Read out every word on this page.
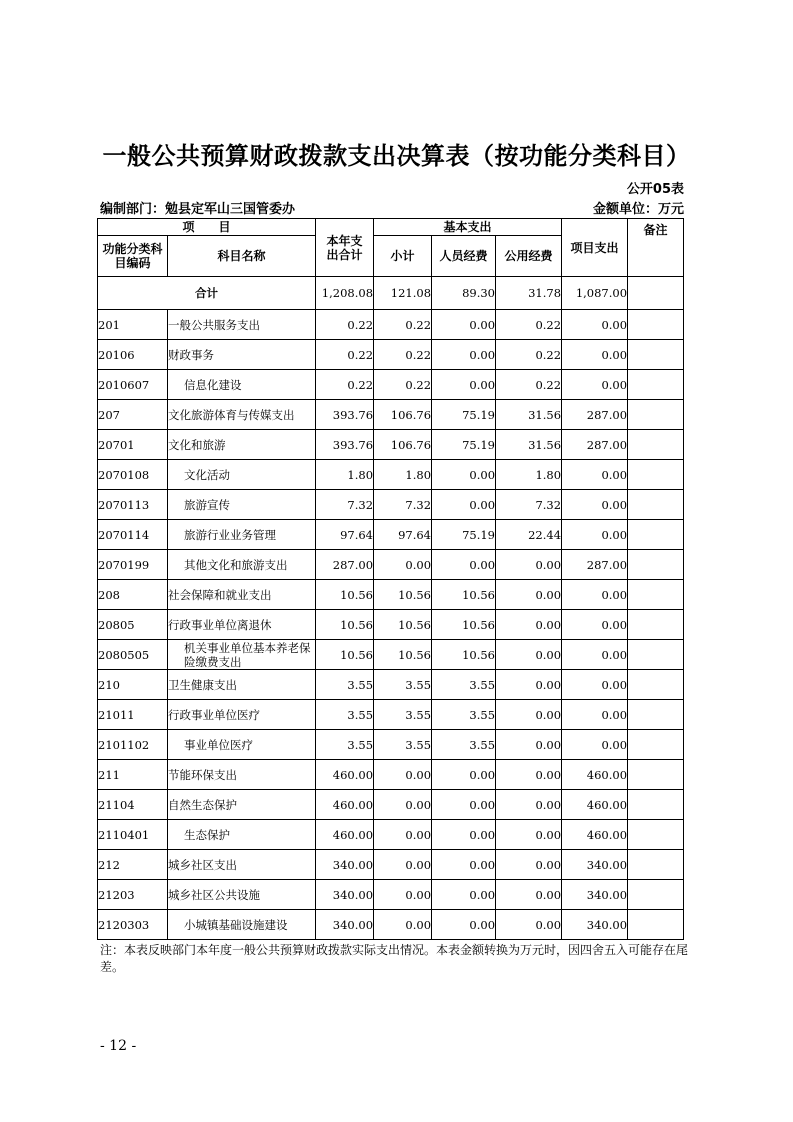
一般公共预算财政拨款支出决算表（按功能分类科目）
公开05表
编制部门：勉县定军山三国管委办	金额单位：万元
项　　目		本年支出合计	基本支出			项目支出	备注
功能分类科目编码	科目名称		小计	人员经费	公用经费		
合计		1,208.08	121.08	89.30	31.78	1,087.00	
201	一般公共服务支出	0.22	0.22	0.00	0.22	0.00	
20106	财政事务	0.22	0.22	0.00	0.22	0.00	
2010607	信息化建设	0.22	0.22	0.00	0.22	0.00	
207	文化旅游体育与传媒支出	393.76	106.76	75.19	31.56	287.00	
20701	文化和旅游	393.76	106.76	75.19	31.56	287.00	
2070108	文化活动	1.80	1.80	0.00	1.80	0.00	
2070113	旅游宣传	7.32	7.32	0.00	7.32	0.00	
2070114	旅游行业业务管理	97.64	97.64	75.19	22.44	0.00	
2070199	其他文化和旅游支出	287.00	0.00	0.00	0.00	287.00	
208	社会保障和就业支出	10.56	10.56	10.56	0.00	0.00	
20805	行政事业单位离退休	10.56	10.56	10.56	0.00	0.00	
2080505	机关事业单位基本养老保险缴费支出	10.56	10.56	10.56	0.00	0.00	
210	卫生健康支出	3.55	3.55	3.55	0.00	0.00	
21011	行政事业单位医疗	3.55	3.55	3.55	0.00	0.00	
2101102	事业单位医疗	3.55	3.55	3.55	0.00	0.00	
211	节能环保支出	460.00	0.00	0.00	0.00	460.00	
21104	自然生态保护	460.00	0.00	0.00	0.00	460.00	
2110401	生态保护	460.00	0.00	0.00	0.00	460.00	
212	城乡社区支出	340.00	0.00	0.00	0.00	340.00	
21203	城乡社区公共设施	340.00	0.00	0.00	0.00	340.00	
2120303	小城镇基础设施建设	340.00	0.00	0.00	0.00	340.00	
注：本表反映部门本年度一般公共预算财政拨款实际支出情况。本表金额转换为万元时，因四舍五入可能存在尾差。
- 12 -
